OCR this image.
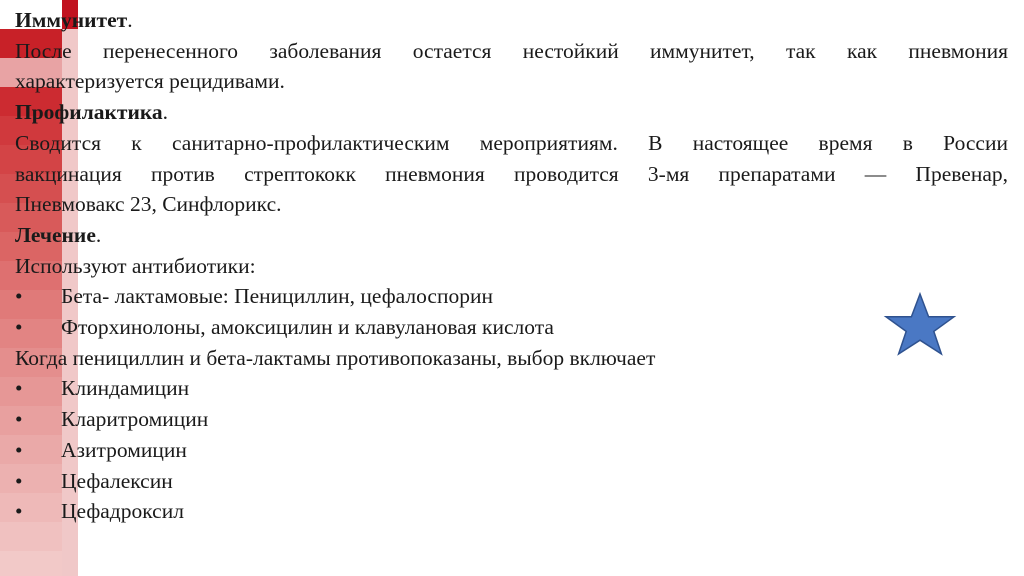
Иммунитет.

После перенесенного заболевания остается нестойкий иммунитет, так как пневмония

характеризуется рецидивами.

Профилактика.

Сводится к санитарно-профилактическим мероприятиям. В настоящее время в России

вакцинация против стрептококк пневмония проводится 3-мя препаратами — Превенар,

Пневмовакс 23, Синфлорикс.

Лечение.

Используют антибиотики:

•	Бета- лактамовые: Пенициллин, цефалоспорин
•	Фторхинолоны, амоксицилин и клавулановая кислота

Когда пенициллин и бета-лактамы противопоказаны, выбор включает

•	Клиндамицин
•	Кларитромицин
•	Азитромицин
•	Цефалексин
•	Цефадроксил
